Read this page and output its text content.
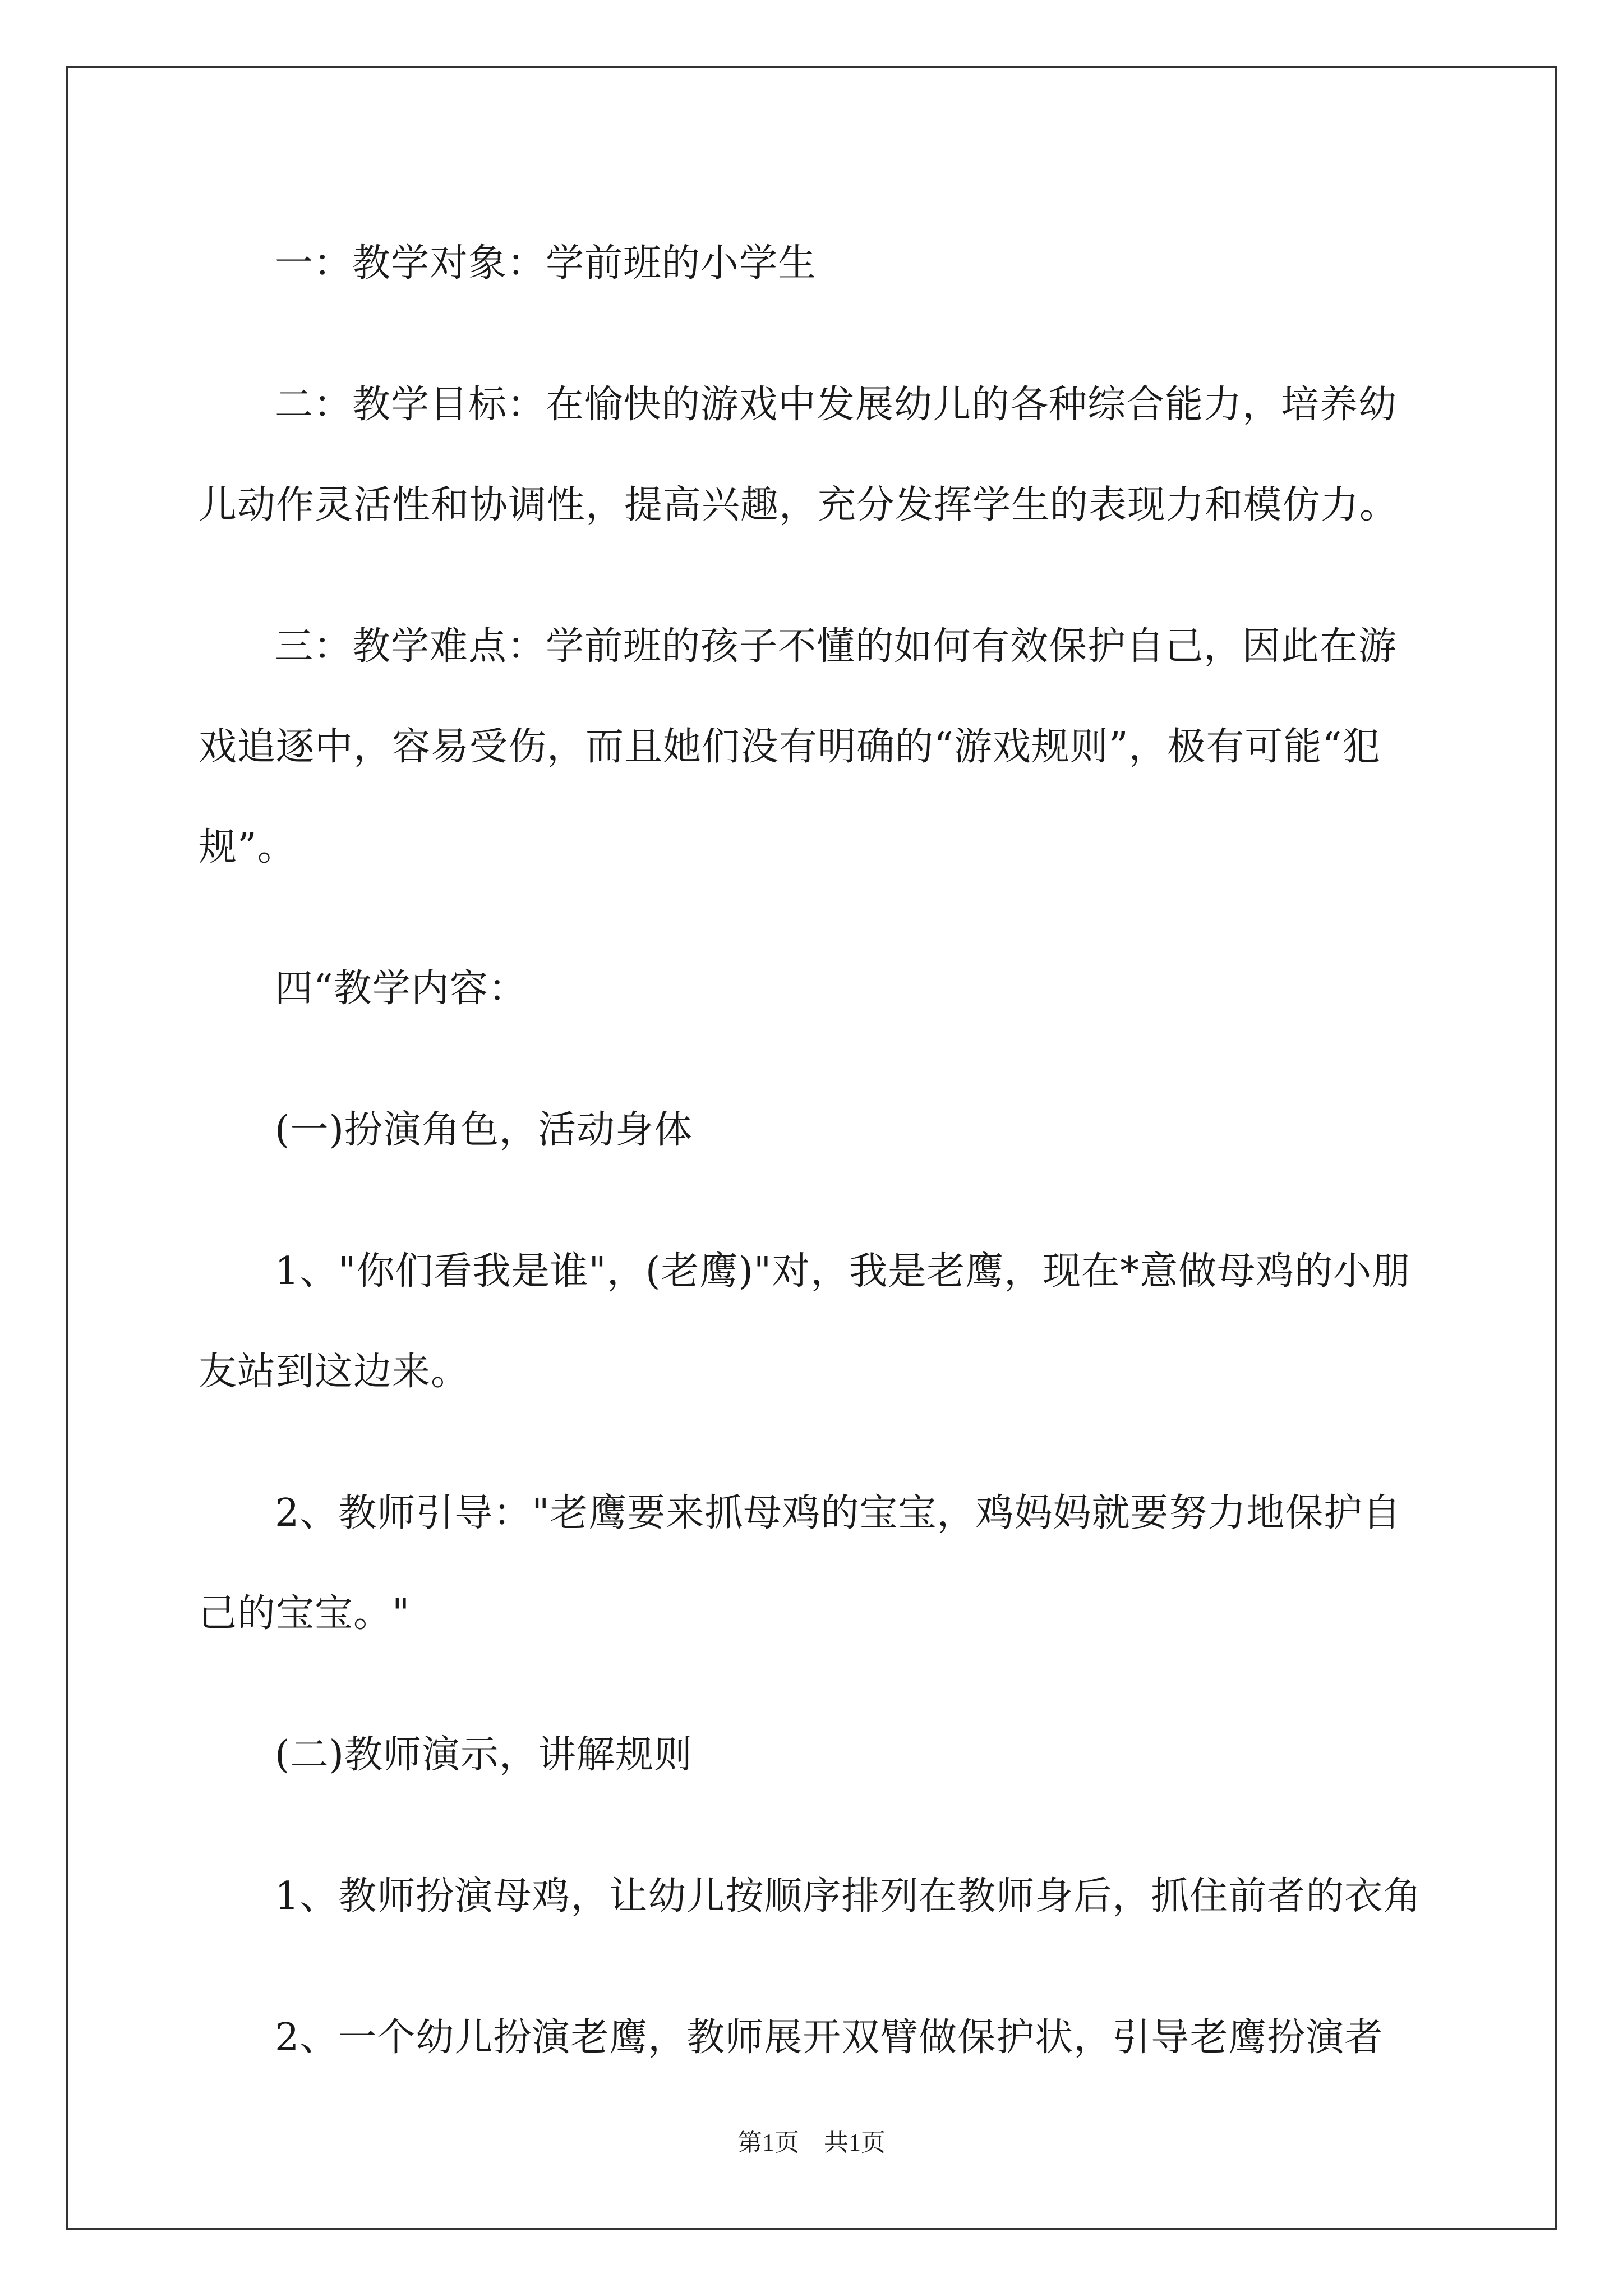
一：教学对象：学前班的小学生

二：教学目标：在愉快的游戏中发展幼儿的各种综合能力，培养幼儿动作灵活性和协调性，提高兴趣，充分发挥学生的表现力和模仿力。

三：教学难点：学前班的孩子不懂的如何有效保护自己，因此在游戏追逐中，容易受伤，而且她们没有明确的“游戏规则”，极有可能“犯规”。

四“教学内容：

(一)扮演角色，活动身体

1、"你们看我是谁"，(老鹰)"对，我是老鹰，现在*意做母鸡的小朋友站到这边来。

2、教师引导："老鹰要来抓母鸡的宝宝，鸡妈妈就要努力地保护自己的宝宝。"

(二)教师演示，讲解规则

1、教师扮演母鸡，让幼儿按顺序排列在教师身后，抓住前者的衣角

2、一个幼儿扮演老鹰，教师展开双臂做保护状，引导老鹰扮演者

第1页　共1页
